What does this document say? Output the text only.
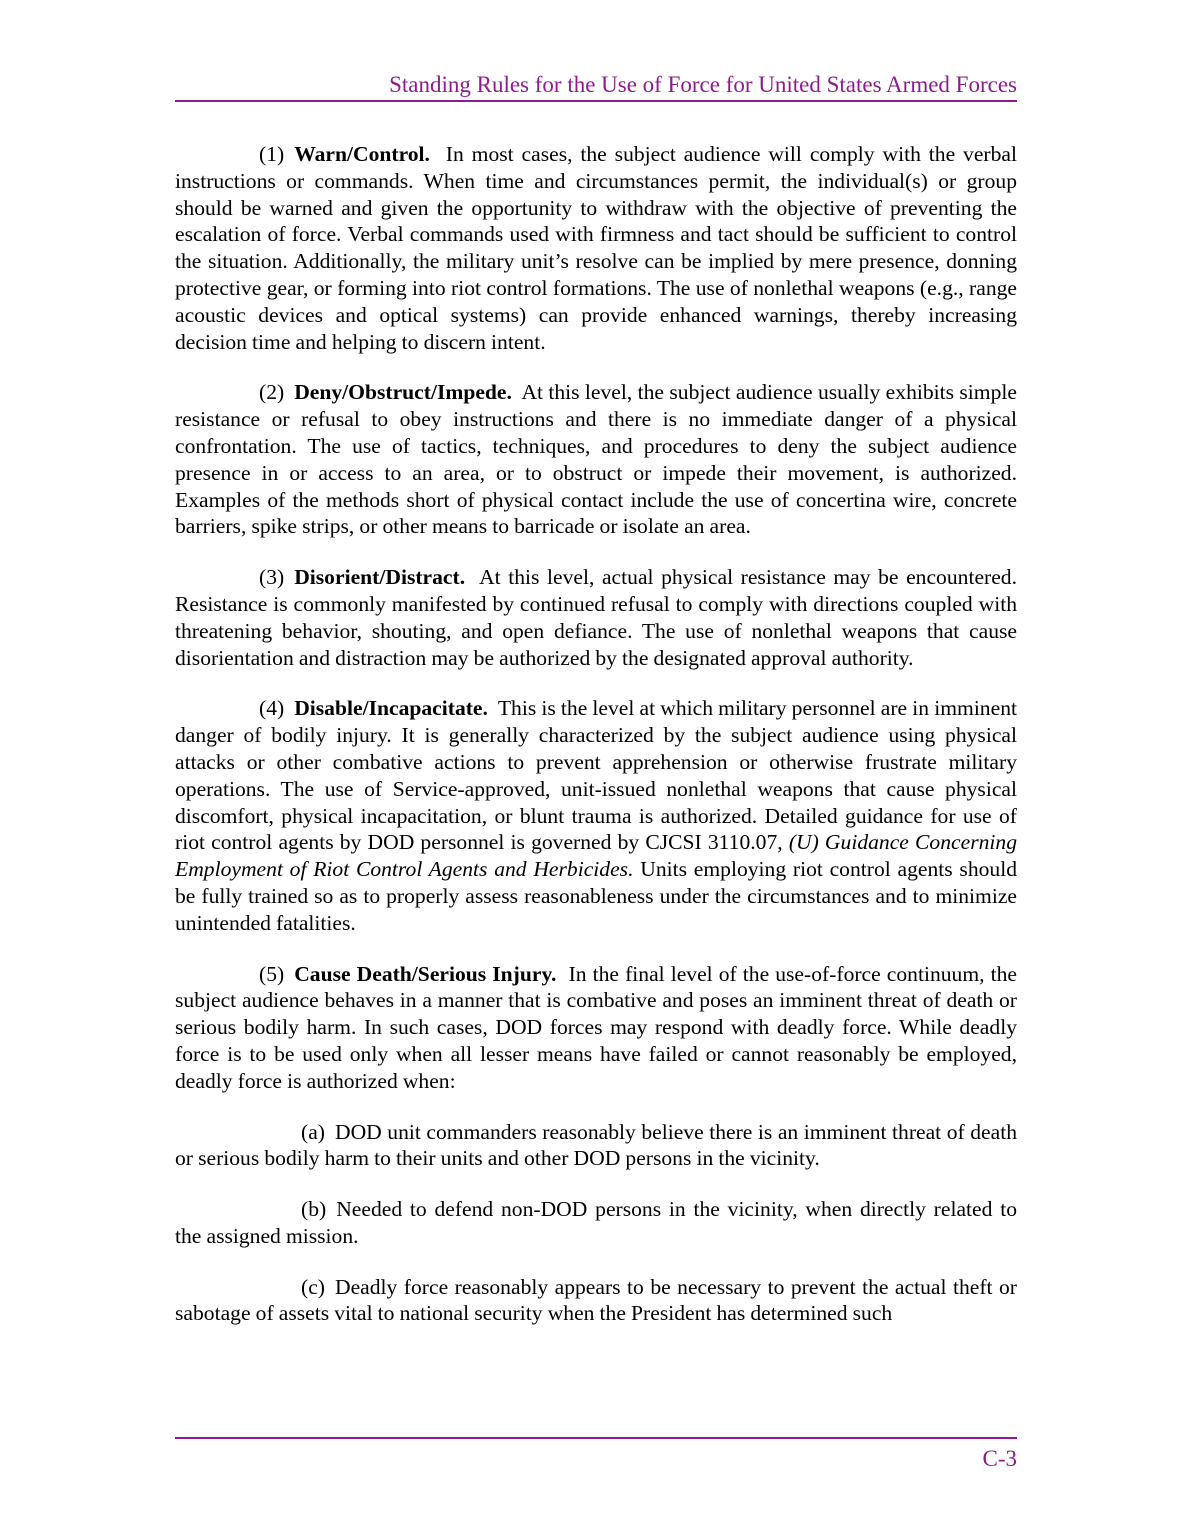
Standing Rules for the Use of Force for United States Armed Forces

(1) Warn/Control. In most cases, the subject audience will comply with the verbal instructions or commands. When time and circumstances permit, the individual(s) or group should be warned and given the opportunity to withdraw with the objective of preventing the escalation of force. Verbal commands used with firmness and tact should be sufficient to control the situation. Additionally, the military unit’s resolve can be implied by mere presence, donning protective gear, or forming into riot control formations. The use of nonlethal weapons (e.g., range acoustic devices and optical systems) can provide enhanced warnings, thereby increasing decision time and helping to discern intent.

(2) Deny/Obstruct/Impede. At this level, the subject audience usually exhibits simple resistance or refusal to obey instructions and there is no immediate danger of a physical confrontation. The use of tactics, techniques, and procedures to deny the subject audience presence in or access to an area, or to obstruct or impede their movement, is authorized. Examples of the methods short of physical contact include the use of concertina wire, concrete barriers, spike strips, or other means to barricade or isolate an area.

(3) Disorient/Distract. At this level, actual physical resistance may be encountered. Resistance is commonly manifested by continued refusal to comply with directions coupled with threatening behavior, shouting, and open defiance. The use of nonlethal weapons that cause disorientation and distraction may be authorized by the designated approval authority.

(4) Disable/Incapacitate. This is the level at which military personnel are in imminent danger of bodily injury. It is generally characterized by the subject audience using physical attacks or other combative actions to prevent apprehension or otherwise frustrate military operations. The use of Service-approved, unit-issued nonlethal weapons that cause physical discomfort, physical incapacitation, or blunt trauma is authorized. Detailed guidance for use of riot control agents by DOD personnel is governed by CJCSI 3110.07, (U) Guidance Concerning Employment of Riot Control Agents and Herbicides. Units employing riot control agents should be fully trained so as to properly assess reasonableness under the circumstances and to minimize unintended fatalities.

(5) Cause Death/Serious Injury. In the final level of the use-of-force continuum, the subject audience behaves in a manner that is combative and poses an imminent threat of death or serious bodily harm. In such cases, DOD forces may respond with deadly force. While deadly force is to be used only when all lesser means have failed or cannot reasonably be employed, deadly force is authorized when:

(a) DOD unit commanders reasonably believe there is an imminent threat of death or serious bodily harm to their units and other DOD persons in the vicinity.

(b) Needed to defend non-DOD persons in the vicinity, when directly related to the assigned mission.

(c) Deadly force reasonably appears to be necessary to prevent the actual theft or sabotage of assets vital to national security when the President has determined such

C-3
